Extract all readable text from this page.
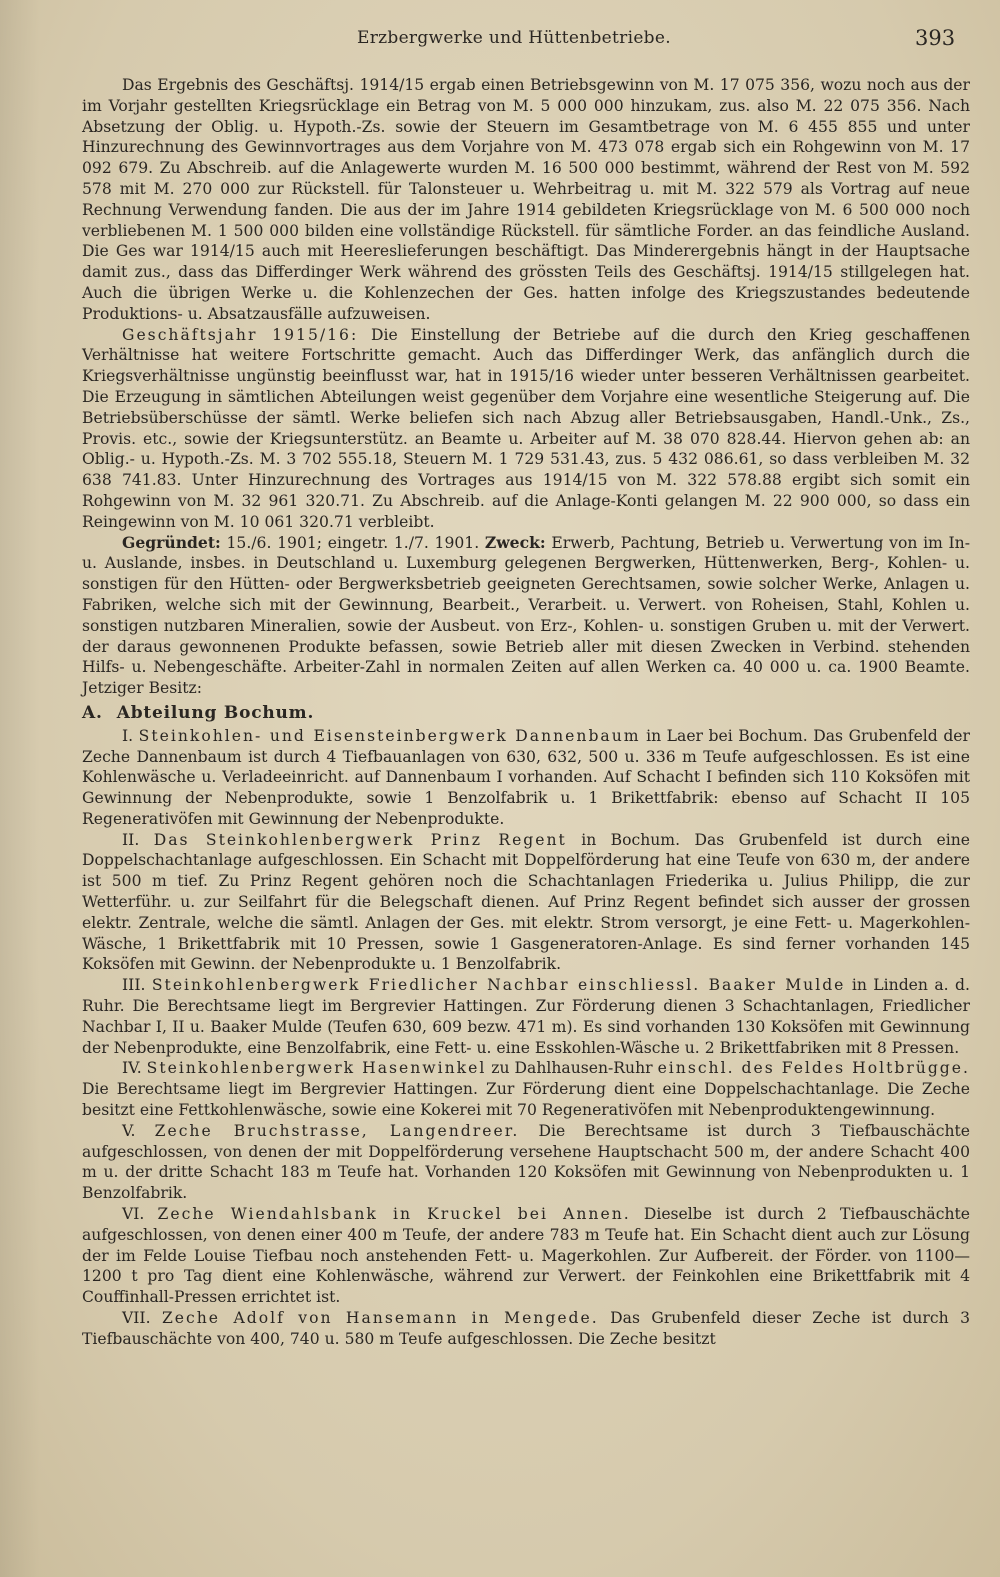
Erzbergwerke und Hüttenbetriebe.	393

Das Ergebnis des Geschäftsj. 1914/15 ergab einen Betriebsgewinn von M. 17 075 356, wozu noch aus der im Vorjahr gestellten Kriegsrücklage ein Betrag von M. 5 000 000 hinzukam, zus. also M. 22 075 356. Nach Absetzung der Oblig. u. Hypoth.-Zs. sowie der Steuern im Gesamtbetrage von M. 6 455 855 und unter Hinzurechnung des Gewinnvortrages aus dem Vorjahre von M. 473 078 ergab sich ein Rohgewinn von M. 17 092 679. Zu Abschreib. auf die Anlagewerte wurden M. 16 500 000 bestimmt, während der Rest von M. 592 578 mit M. 270 000 zur Rückstell. für Talonsteuer u. Wehrbeitrag u. mit M. 322 579 als Vortrag auf neue Rechnung Verwendung fanden. Die aus der im Jahre 1914 gebildeten Kriegsrücklage von M. 6 500 000 noch verbliebenen M. 1 500 000 bilden eine vollständige Rückstell. für sämtliche Forder. an das feindliche Ausland. Die Ges war 1914/15 auch mit Heereslieferungen beschäftigt. Das Minderergebnis hängt in der Hauptsache damit zus., dass das Differdinger Werk während des grössten Teils des Geschäftsj. 1914/15 stillgelegen hat. Auch die übrigen Werke u. die Kohlenzechen der Ges. hatten infolge des Kriegszustandes bedeutende Produktions- u. Absatzausfälle aufzuweisen.

Geschäftsjahr 1915/16: Die Einstellung der Betriebe auf die durch den Krieg geschaffenen Verhältnisse hat weitere Fortschritte gemacht. Auch das Differdinger Werk, das anfänglich durch die Kriegsverhältnisse ungünstig beeinflusst war, hat in 1915/16 wieder unter besseren Verhältnissen gearbeitet. Die Erzeugung in sämtlichen Abteilungen weist gegenüber dem Vorjahre eine wesentliche Steigerung auf. Die Betriebsüberschüsse der sämtl. Werke beliefen sich nach Abzug aller Betriebsausgaben, Handl.-Unk., Zs., Provis. etc., sowie der Kriegsunterstütz. an Beamte u. Arbeiter auf M. 38 070 828.44. Hiervon gehen ab: an Oblig.- u. Hypoth.-Zs. M. 3 702 555.18, Steuern M. 1 729 531.43, zus. 5 432 086.61, so dass verbleiben M. 32 638 741.83. Unter Hinzurechnung des Vortrages aus 1914/15 von M. 322 578.88 ergibt sich somit ein Rohgewinn von M. 32 961 320.71. Zu Abschreib. auf die Anlage-Konti gelangen M. 22 900 000, so dass ein Reingewinn von M. 10 061 320.71 verbleibt.

Gegründet: 15./6. 1901; eingetr. 1./7. 1901. Zweck: Erwerb, Pachtung, Betrieb u. Verwertung von im In- u. Auslande, insbes. in Deutschland u. Luxemburg gelegenen Bergwerken, Hüttenwerken, Berg-, Kohlen- u. sonstigen für den Hütten- oder Bergwerksbetrieb geeigneten Gerechtsamen, sowie solcher Werke, Anlagen u. Fabriken, welche sich mit der Gewinnung, Bearbeit., Verarbeit. u. Verwert. von Roheisen, Stahl, Kohlen u. sonstigen nutzbaren Mineralien, sowie der Ausbeut. von Erz-, Kohlen- u. sonstigen Gruben u. mit der Verwert. der daraus gewonnenen Produkte befassen, sowie Betrieb aller mit diesen Zwecken in Verbind. stehenden Hilfs- u. Nebengeschäfte. Arbeiter-Zahl in normalen Zeiten auf allen Werken ca. 40 000 u. ca. 1900 Beamte. Jetziger Besitz:

A. Abteilung Bochum.

I. Steinkohlen- und Eisensteinbergwerk Dannenbaum in Laer bei Bochum. Das Grubenfeld der Zeche Dannenbaum ist durch 4 Tiefbauanlagen von 630, 632, 500 u. 336 m Teufe aufgeschlossen. Es ist eine Kohlenwäsche u. Verladeeinricht. auf Dannenbaum I vorhanden. Auf Schacht I befinden sich 110 Koksöfen mit Gewinnung der Nebenprodukte, sowie 1 Benzolfabrik u. 1 Brikettfabrik: ebenso auf Schacht II 105 Regenerativöfen mit Gewinnung der Nebenprodukte.

II. Das Steinkohlenbergwerk Prinz Regent in Bochum. Das Grubenfeld ist durch eine Doppelschachtanlage aufgeschlossen. Ein Schacht mit Doppelförderung hat eine Teufe von 630 m, der andere ist 500 m tief. Zu Prinz Regent gehören noch die Schachtanlagen Friederika u. Julius Philipp, die zur Wetterführ. u. zur Seilfahrt für die Belegschaft dienen. Auf Prinz Regent befindet sich ausser der grossen elektr. Zentrale, welche die sämtl. Anlagen der Ges. mit elektr. Strom versorgt, je eine Fett- u. Magerkohlen-Wäsche, 1 Brikettfabrik mit 10 Pressen, sowie 1 Gasgeneratoren-Anlage. Es sind ferner vorhanden 145 Koksöfen mit Gewinn. der Nebenprodukte u. 1 Benzolfabrik.

III. Steinkohlenbergwerk Friedlicher Nachbar einschliessl. Baaker Mulde in Linden a. d. Ruhr. Die Berechtsame liegt im Bergrevier Hattingen. Zur Förderung dienen 3 Schachtanlagen, Friedlicher Nachbar I, II u. Baaker Mulde (Teufen 630, 609 bezw. 471 m). Es sind vorhanden 130 Koksöfen mit Gewinnung der Nebenprodukte, eine Benzolfabrik, eine Fett- u. eine Esskohlen-Wäsche u. 2 Brikettfabriken mit 8 Pressen.

IV. Steinkohlenbergwerk Hasenwinkel zu Dahlhausen-Ruhr einschl. des Feldes Holtbrügge. Die Berechtsame liegt im Bergrevier Hattingen. Zur Förderung dient eine Doppelschachtanlage. Die Zeche besitzt eine Fettkohlenwäsche, sowie eine Kokerei mit 70 Regenerativöfen mit Nebenproduktengewinnung.

V. Zeche Bruchstrasse, Langendreer. Die Berechtsame ist durch 3 Tiefbauschächte aufgeschlossen, von denen der mit Doppelförderung versehene Hauptschacht 500 m, der andere Schacht 400 m u. der dritte Schacht 183 m Teufe hat. Vorhanden 120 Koksöfen mit Gewinnung von Nebenprodukten u. 1 Benzolfabrik.

VI. Zeche Wiendahlsbank in Kruckel bei Annen. Dieselbe ist durch 2 Tiefbauschächte aufgeschlossen, von denen einer 400 m Teufe, der andere 783 m Teufe hat. Ein Schacht dient auch zur Lösung der im Felde Louise Tiefbau noch anstehenden Fett- u. Magerkohlen. Zur Aufbereit. der Förder. von 1100—1200 t pro Tag dient eine Kohlenwäsche, während zur Verwert. der Feinkohlen eine Brikettfabrik mit 4 Couffinhall-Pressen errichtet ist.

VII. Zeche Adolf von Hansemann in Mengede. Das Grubenfeld dieser Zeche ist durch 3 Tiefbauschächte von 400, 740 u. 580 m Teufe aufgeschlossen. Die Zeche besitzt
